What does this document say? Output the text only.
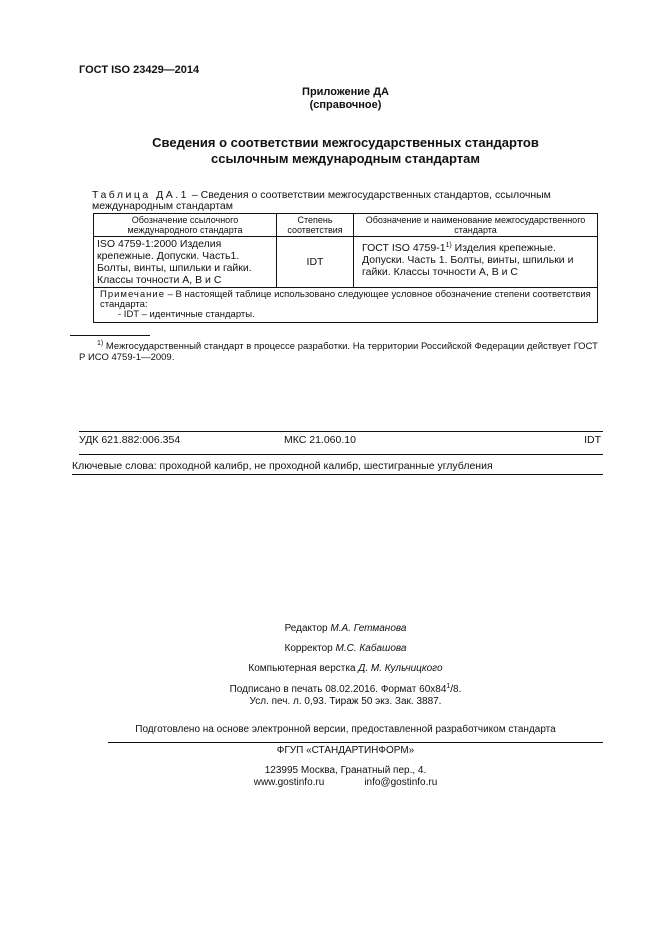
ГОСТ ISO 23429—2014
Приложение ДА
(справочное)
Сведения о соответствии межгосударственных стандартов
ссылочным международным стандартам
Таблица ДА.1 – Сведения о соответствии межгосударственных стандартов, ссылочным международным стандартам
Обозначение ссылочного международного стандарта	Степень соответствия	Обозначение и наименование межгосударственного стандарта
ISO 4759-1:2000 Изделия крепежные. Допуски. Часть1. Болты, винты, шпильки и гайки. Классы точности А, В и С	IDT	ГОСТ ISO 4759-1$^{1)}$ Изделия крепежные. Допуски. Часть 1. Болты, винты, шпильки и гайки. Классы точности А, В и С
Примечание – В настоящей таблице использовано следующее условное обозначение степени соответствия стандарта:
- IDT – идентичные стандарты.		
$^{1)}$ Межгосударственный стандарт в процессе разработки. На территории Российской Федерации действует ГОСТ Р ИСО 4759-1—2009.
УДК 621.882:006.354	МКС 21.060.10	IDT
Ключевые слова: проходной калибр, не проходной калибр, шестигранные углубления
Редактор М.А. Гетманова
Корректор М.С. Кабашова
Компьютерная верстка Д. М. Кульчицкого
Подписано в печать 08.02.2016. Формат $60x84^1/8$.
Усл. печ. л. 0,93. Тираж 50 экз. Зак. 3887.
Подготовлено на основе электронной версии, предоставленной разработчиком стандарта
ФГУП «СТАНДАРТИНФОРМ»
123995 Москва, Гранатный пер., 4.
www.gostinfo.ru	info@gostinfo.ru
